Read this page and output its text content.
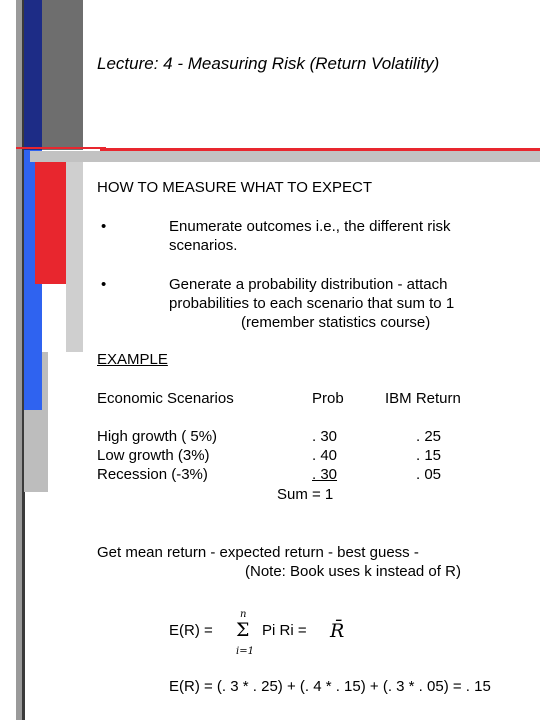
Lecture: 4 - Measuring Risk (Return Volatility)
HOW TO MEASURE WHAT TO EXPECT
•	Enumerate outcomes i.e., the different risk
scenarios.
•	Generate a probability distribution - attach
probabilities to each scenario that sum to 1
(remember statistics course)
EXAMPLE
Economic Scenarios	Prob	IBM Return
High growth ( 5%)	. 30	. 25
Low growth (3%)	. 40	. 15
Recession (-3%)	. 30	. 05
Sum = 1
Get mean return - expected return - best guess -
(Note: Book uses k instead of R)
E(R) =
n
Σ
i=1
Pi Ri = R̄
E(R) = (. 3 * . 25) + (. 4 * . 15) + (. 3 * . 05) = . 15
